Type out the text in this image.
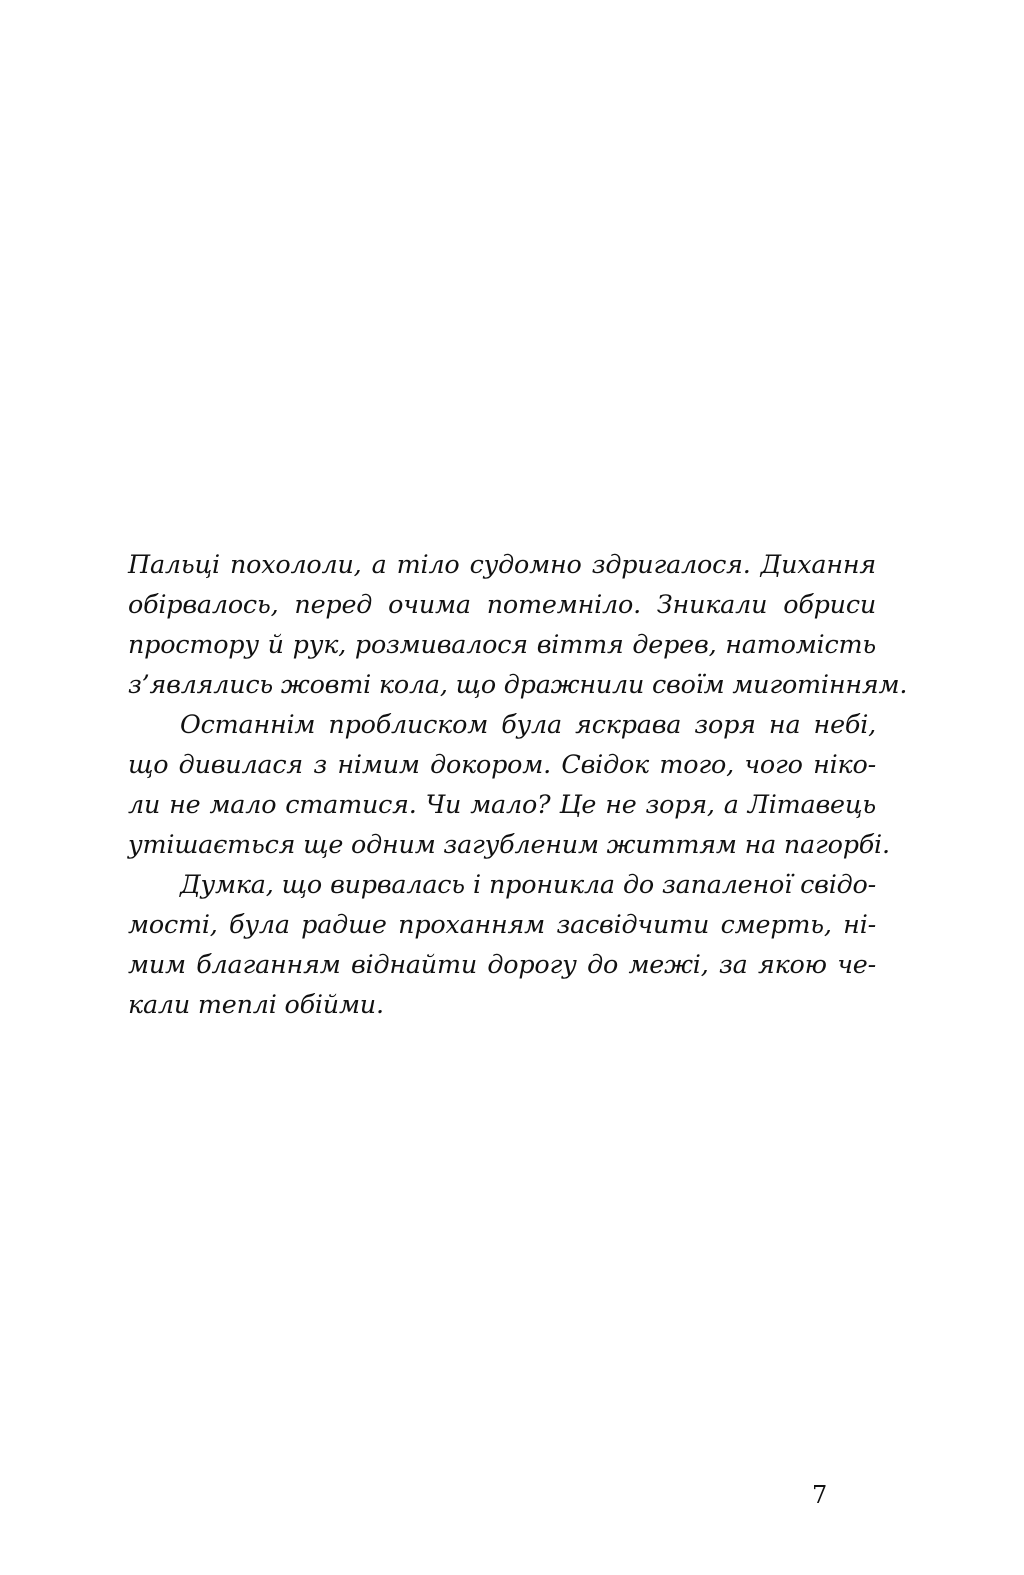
Пальці похололи, а тіло судомно здригалося. Дихання
обірвалось, перед очима потемніло. Зникали обриси
простору й рук, розмивалося віття дерев, натомість
з’являлись жовті кола, що дражнили своїм миготінням.
Останнім проблиском була яскрава зоря на небі,
що дивилася з німим докором. Свідок того, чого ніко-
ли не мало статися. Чи мало? Це не зоря, а Літавець
утішається ще одним загубленим життям на пагорбі.
Думка, що вирвалась і проникла до запаленої свідо-
мості, була радше проханням засвідчити смерть, ні-
мим благанням віднайти дорогу до межі, за якою че-
кали теплі обійми.
7
